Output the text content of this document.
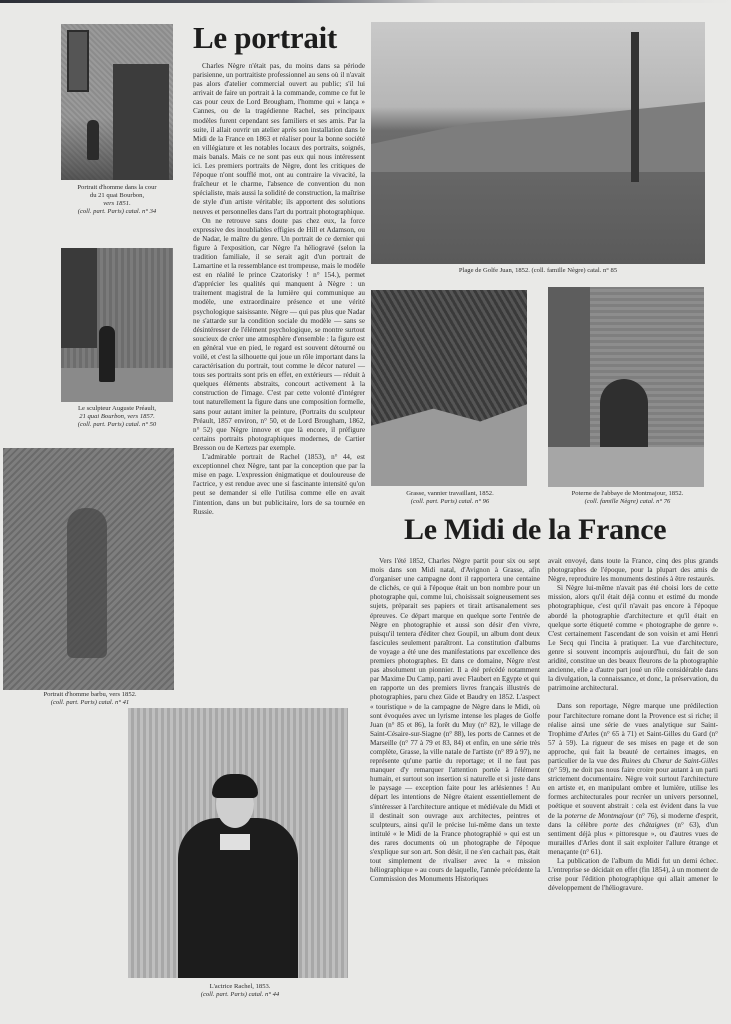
Portrait d'homme dans la cour
du 21 quai Bourbon,
vers 1851.
(coll. part. Paris) catal. n° 34
Le sculpteur Auguste Préault,
21 quai Bourbon, vers 1857.
(coll. part. Paris) catal. n° 50
Portrait d'homme barbu, vers 1852.
(coll. part. Paris) catal. n° 41
L'actrice Rachel, 1853.
(coll. part. Paris) catal. n° 44
Le portrait

Charles Nègre n'était pas, du moins dans sa période parisienne, un portraitiste professionnel au sens où il n'avait pas alors d'atelier commercial ouvert au public; s'il lui arrivait de faire un portrait à la commande, comme ce fut le cas pour ceux de Lord Brougham, l'homme qui « lança » Cannes, ou de la tragédienne Rachel, ses principaux modèles furent cependant ses familiers et ses amis. Par la suite, il allait ouvrir un atelier après son installation dans le Midi de la France en 1863 et réaliser pour la bonne société en villégiature et les notables locaux des portraits, soignés, mais banals. Mais ce ne sont pas eux qui nous intéressent ici. Les premiers portraits de Nègre, dont les critiques de l'époque n'ont soufflé mot, ont au contraire la vivacité, la fraîcheur et le charme, l'absence de convention du non spécialiste, mais aussi la solidité de construction, la maîtrise de style d'un artiste véritable; ils apportent des solutions neuves et personnelles dans l'art du portrait photographique.

On ne retrouve sans doute pas chez eux, la force expressive des inoubliables effigies de Hill et Adamson, ou de Nadar, le maître du genre. Un portrait de ce dernier qui figure à l'exposition, car Nègre l'a héliogravé (selon la tradition familiale, il se serait agit d'un portrait de Lamartine et la ressemblance est trompeuse, mais le modèle est en réalité le prince Czatorisky ! n° 154.), permet d'apprécier les qualités qui manquent à Nègre : un traitement magistral de la lumière qui communique au modèle, une extraordinaire présence et une vérité psychologique saisissante. Nègre — qui pas plus que Nadar ne s'attarde sur la condition sociale du modèle — sans se désintéresser de l'élément psychologique, se montre surtout soucieux de créer une atmosphère d'ensemble : la figure est en général vue en pied, le regard est souvent détourné ou voilé, et c'est la silhouette qui joue un rôle important dans la caractérisation du portrait, tout comme le décor naturel — tous ses portraits sont pris en effet, en extérieurs — réduit à quelques éléments abstraits, concourt activement à la construction de l'image. C'est par cette volonté d'intégrer tout naturellement la figure dans une composition formelle, sans pour autant imiter la peinture, (Portraits du sculpteur Préault, 1857 environ, n° 50, et de Lord Brougham, 1862, n° 52) que Nègre innove et que là encore, il préfigure certains portraits photographiques modernes, de Cartier Bresson ou de Kertezs par exemple.

L'admirable portrait de Rachel (1853), n° 44, est exceptionnel chez Nègre, tant par la conception que par la mise en page. L'expression énigmatique et douloureuse de l'actrice, y est rendue avec une si fascinante intensité qu'on peut se demander si elle l'utilisa comme elle en avait l'intention, dans un but publicitaire, lors de sa tournée en Russie.

Plage de Golfe Juan, 1852. (coll. famille Nègre) catal. n° 85
Grasse, vannier travaillant, 1852.
(coll. part. Paris) catal. n° 96
Poterne de l'abbaye de Montmajour, 1852.
(coll. famille Nègre) catal. n° 76
Le Midi de la France

Vers l'été 1852, Charles Nègre partit pour six ou sept mois dans son Midi natal, d'Avignon à Grasse, afin d'organiser une campagne dont il rapportera une centaine de clichés, ce qui à l'époque était un bon nombre pour un photographe qui, comme lui, choisissait soigneusement ses sujets, préparait ses papiers et tirait artisanalement ses épreuves. Ce départ marque en quelque sorte l'entrée de Nègre en photographie et aussi son désir d'en vivre, puisqu'il tentera d'éditer chez Goupil, un album dont deux fascicules seulement paraîtront. La constitution d'albums de voyage a été une des manifestations par excellence des premiers photographes. Et dans ce domaine, Nègre n'est pas absolument un pionnier. Il a été précédé notamment par Maxime Du Camp, parti avec Flaubert en Egypte et qui en rapporte un des premiers livres français illustrés de photographies, paru chez Gide et Baudry en 1852. L'aspect « touristique » de la campagne de Nègre dans le Midi, où sont évoquées avec un lyrisme intense les plages de Golfe Juan (n° 85 et 86), la forêt du Muy (n° 82), le village de Saint-Césaire-sur-Siagne (n° 88), les ports de Cannes et de Marseille (n° 77 à 79 et 83, 84) et enfin, en une série très complète, Grasse, la ville natale de l'artiste (n° 89 à 97), ne représente qu'une partie du reportage; et il ne faut pas manquer d'y remarquer l'attention portée à l'élément humain, et surtout son insertion si naturelle et si juste dans le paysage — exception faite pour les arlésiennes ! Au départ les intentions de Nègre étaient essentiellement de s'intéresser à l'architecture antique et médiévale du Midi et il destinait son ouvrage aux architectes, peintres et sculpteurs, ainsi qu'il le précise lui-même dans un texte intitulé « le Midi de la France photographié » qui est un des rares documents où un photographe de l'époque s'explique sur son art. Son désir, il ne s'en cachait pas, était tout simplement de rivaliser avec la « mission héliographique » au cours de laquelle, l'année précédente la Commission des Monuments Historiques

avait envoyé, dans toute la France, cinq des plus grands photographes de l'époque, pour la plupart des amis de Nègre, reproduire les monuments destinés à être restaurés.

Si Nègre lui-même n'avait pas été choisi lors de cette mission, alors qu'il était déjà connu et estimé du monde photographique, c'est qu'il n'avait pas encore à l'époque abordé la photographie d'architecture et qu'il était en quelque sorte étiqueté comme « photographe de genre ». C'est certainement l'ascendant de son voisin et ami Henri Le Secq qui l'incita à pratiquer. La vue d'architecture, genre si souvent incompris aujourd'hui, du fait de son aridité, constitue un des beaux fleurons de la photographie ancienne, elle a d'autre part joué un rôle considérable dans la divulgation, la connaissance, et donc, la préservation, du patrimoine architectural.

Dans son reportage, Nègre marque une prédilection pour l'architecture romane dont la Provence est si riche; il réalise ainsi une série de vues analytique sur Saint-Trophime d'Arles (n° 65 à 71) et Saint-Gilles du Gard (n° 57 à 59). La rigueur de ses mises en page et de son approche, qui fait la beauté de certaines images, en particulier de la vue des Ruines du Chœur de Saint-Gilles (n° 59), ne doit pas nous faire croire pour autant à un parti strictement documentaire. Nègre voit surtout l'architecture en artiste et, en manipulant ombre et lumière, utilise les formes architecturales pour recréer un univers personnel, poétique et souvent abstrait : cela est évident dans la vue de la poterne de Montmajour (n° 76), si moderne d'esprit, dans la célèbre porte des châtaignes (n° 63), d'un sentiment déjà plus « pittoresque », ou d'autres vues de murailles d'Arles dont il sait exploiter l'allure étrange et menaçante (n° 61).

La publication de l'album du Midi fut un demi échec. L'entreprise se décidait en effet (fin 1854), à un moment de crise pour l'édition photographique qui allait amener le développement de l'héliogravure.
